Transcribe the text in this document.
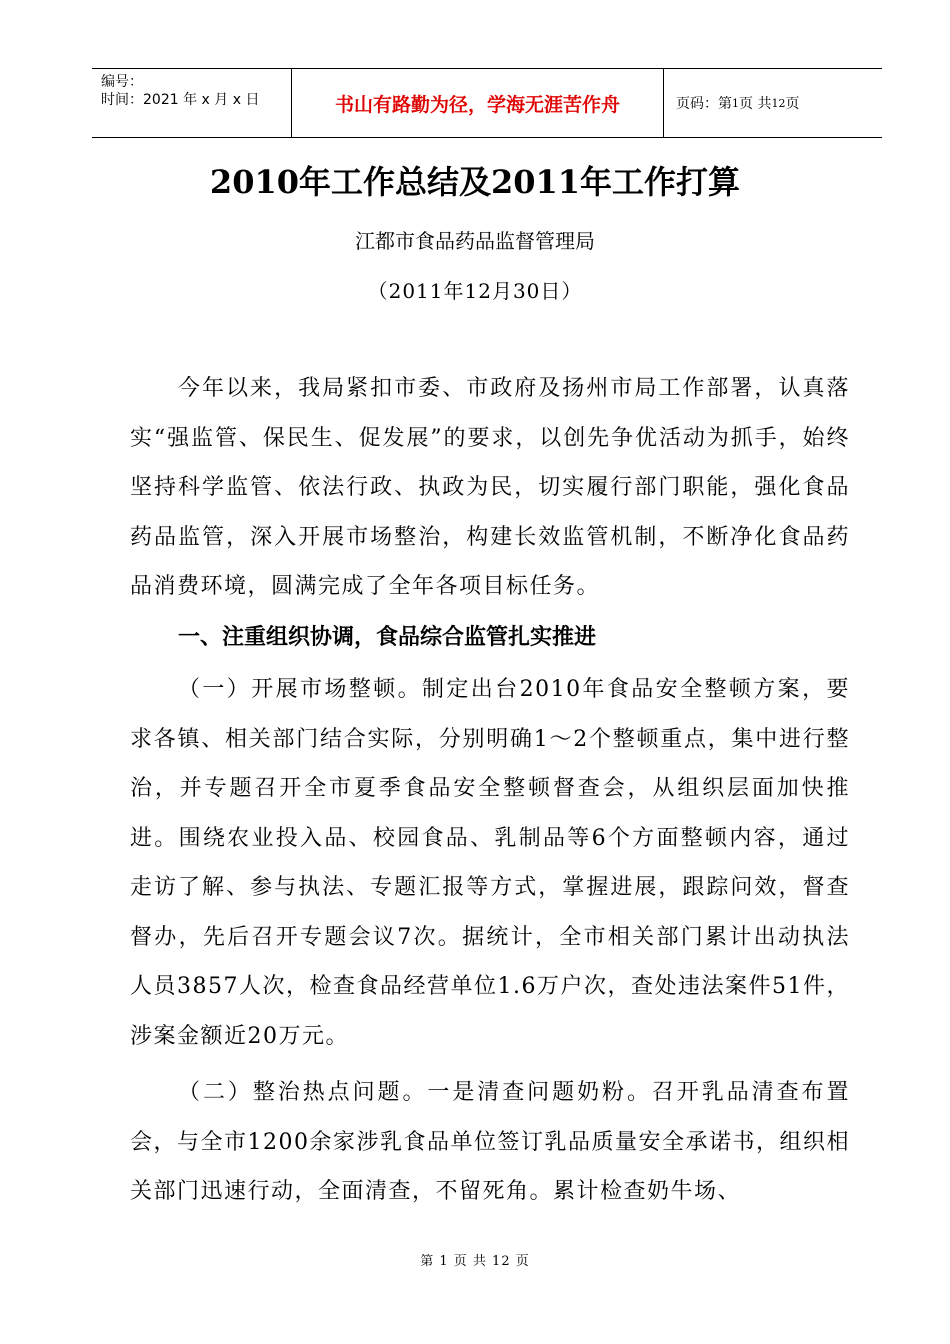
编号：
时间：2021 年 x 月 x 日	书山有路勤为径，学海无涯苦作舟	页码：第 1 页 共 12 页
2010年工作总结及2011年工作打算
江都市食品药品监督管理局
（2011年12月30日）
今年以来，我局紧扣市委、市政府及扬州市局工作部署，认真落实“强监管、保民生、促发展”的要求，以创先争优活动为抓手，始终坚持科学监管、依法行政、执政为民，切实履行部门职能，强化食品药品监管，深入开展市场整治，构建长效监管机制，不断净化食品药品消费环境，圆满完成了全年各项目标任务。
一、注重组织协调，食品综合监管扎实推进
（一）开展市场整顿。制定出台2010年食品安全整顿方案，要求各镇、相关部门结合实际，分别明确1～2个整顿重点，集中进行整治，并专题召开全市夏季食品安全整顿督查会，从组织层面加快推进。围绕农业投入品、校园食品、乳制品等6个方面整顿内容，通过走访了解、参与执法、专题汇报等方式，掌握进展，跟踪问效，督查督办，先后召开专题会议7次。据统计，全市相关部门累计出动执法人员3857人次，检查食品经营单位1.6万户次，查处违法案件51件，涉案金额近20万元。
（二）整治热点问题。一是清查问题奶粉。召开乳品清查布置会，与全市1200余家涉乳食品单位签订乳品质量安全承诺书，组织相关部门迅速行动，全面清查，不留死角。累计检查奶牛场、
第 1 页 共 12 页
